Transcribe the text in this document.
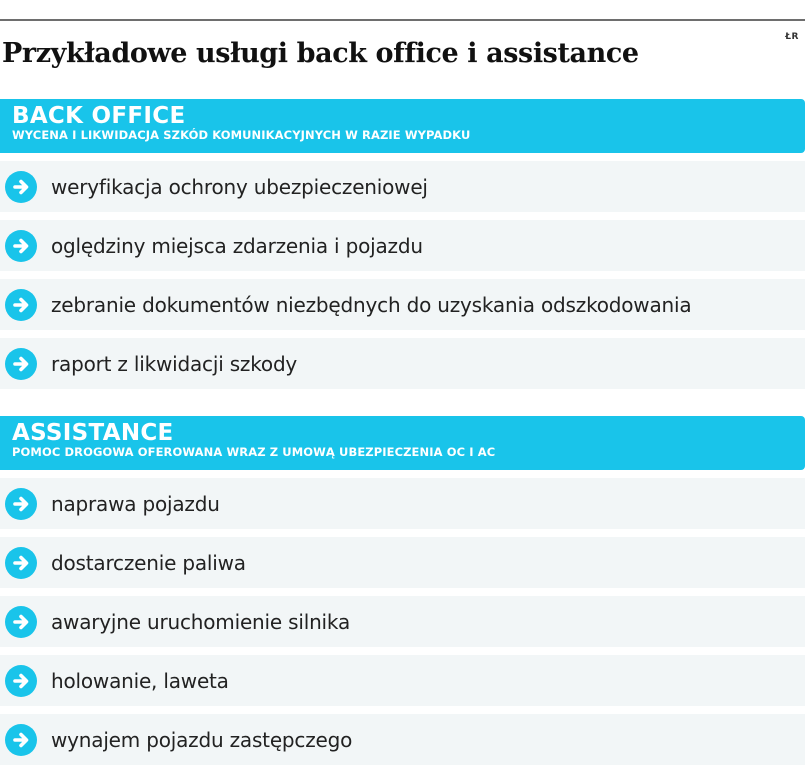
ŁR
Przykładowe usługi back office i assistance
BACK OFFICE
WYCENA I LIKWIDACJA SZKÓD KOMUNIKACYJNYCH W RAZIE WYPADKU
weryfikacja ochrony ubezpieczeniowej
oględziny miejsca zdarzenia i pojazdu
zebranie dokumentów niezbędnych do uzyskania odszkodowania
raport z likwidacji szkody
ASSISTANCE
POMOC DROGOWA OFEROWANA WRAZ Z UMOWĄ UBEZPIECZENIA OC I AC
naprawa pojazdu
dostarczenie paliwa
awaryjne uruchomienie silnika
holowanie, laweta
wynajem pojazdu zastępczego
